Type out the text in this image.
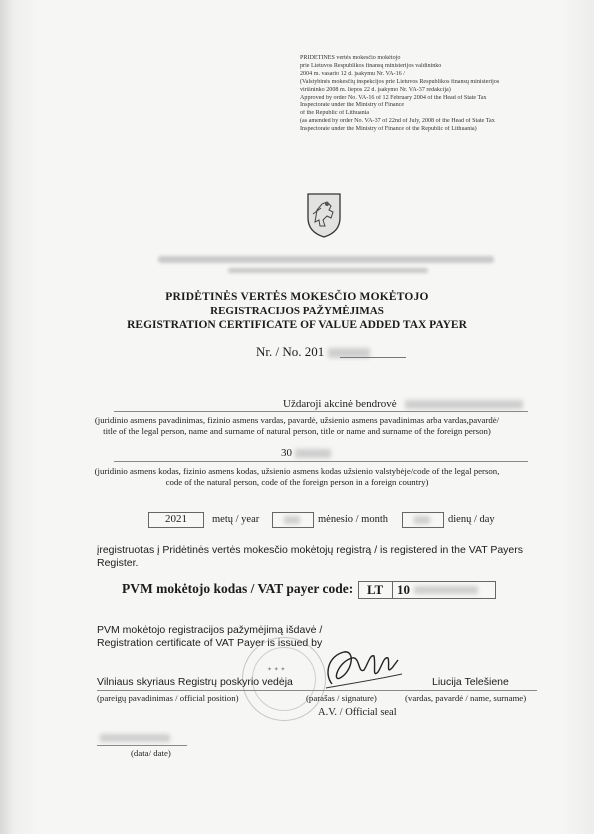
PRIDĖTINĖS vertės mokesčio mokėtojo
prie Lietuvos Respublikos finansų ministerijos valdininko
2004 m. vasario 12 d. įsakymu Nr. VA-16 /
(Valstybinės mokesčių inspekcijos prie Lietuvos Respublikos finansų ministerijos
viršininko 2008 m. liepos 22 d. įsakymo Nr. VA-37 redakcija)
Approved by order No. VA-16 of 12 February 2004 of the Head of State Tax
Inspectorate under the Ministry of Finance
of the Republic of Lithuania
(as amended by order No. VA-37 of 22nd of July, 2008 of the Head of State Tax
Inspectorate under the Ministry of Finance of the Republic of Lithuania)
PRIDĖTINĖS VERTĖS MOKESČIO MOKĖTOJO
REGISTRACIJOS PAŽYMĖJIMAS
REGISTRATION CERTIFICATE OF VALUE ADDED TAX PAYER
Nr. / No. 201
Uždaroji akcinė bendrovė
(juridinio asmens pavadinimas, fizinio asmens vardas, pavardė, užsienio asmens pavadinimas arba vardas,pavardė/
title of the legal person, name and surname of natural person, title or name and surname of the foreign person)
30
(juridinio asmens kodas, fizinio asmens kodas, užsienio asmens kodas užsienio valstybėje/code of the legal person,
code of the natural person, code of the foreign person in a foreign country)
2021 metų / year	mėnesio / month	dienų / day
įregistruotas į Pridėtinės vertės mokesčio mokėtojų registrą / is registered in the VAT Payers Register.
PVM mokėtojo kodas / VAT payer code: LT 10
PVM mokėtojo registracijos pažymėjimą išdavė /
Registration certificate of VAT Payer is issued by
✦ ✦ ✦
Vilniaus skyriaus Registrų poskyrio vedėja	Liucija Telešiene
(pareigų pavadinimas / official position)	(parašas / signature)	(vardas, pavardė / name, surname)
A.V. / Official seal
(data/ date)
